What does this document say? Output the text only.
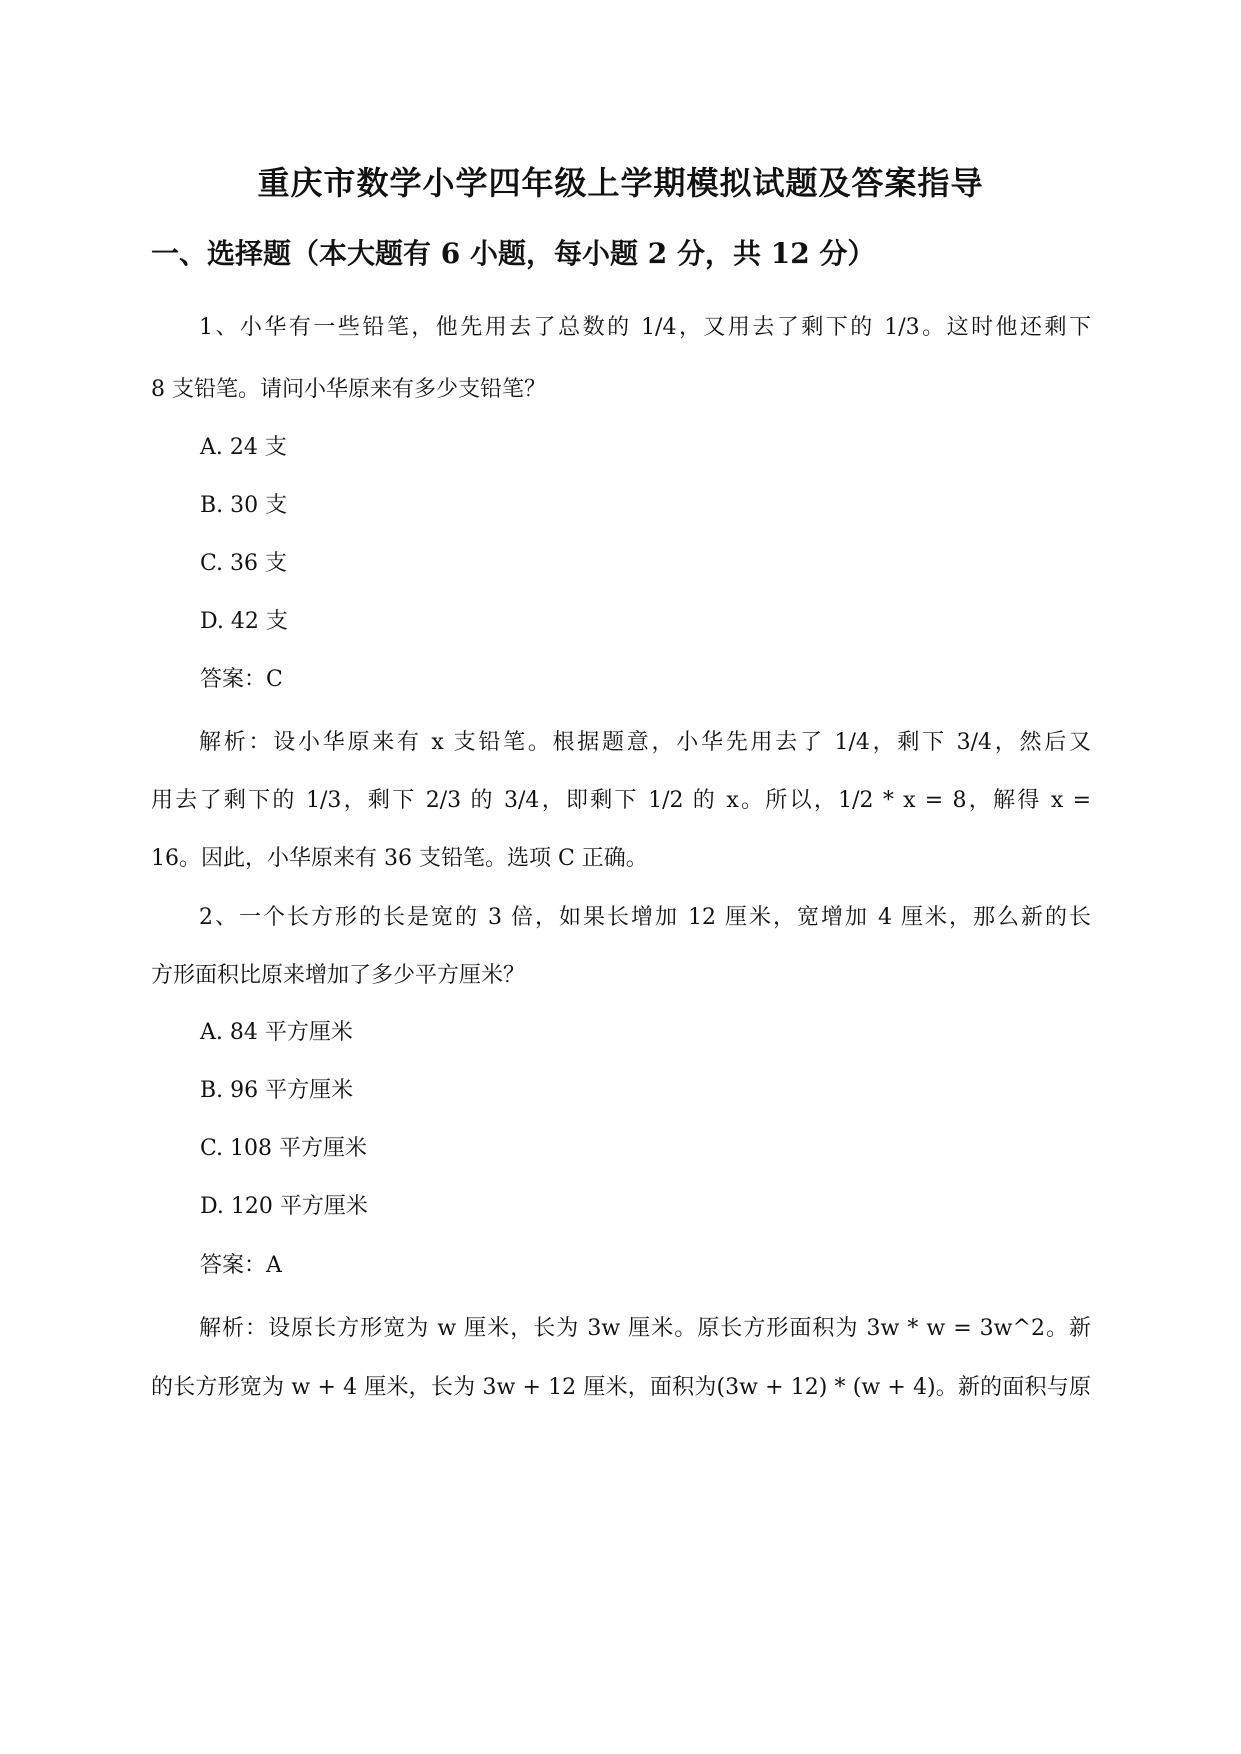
重庆市数学小学四年级上学期模拟试题及答案指导
一、选择题（本大题有 6 小题，每小题 2 分，共 12 分）
1、小华有一些铅笔，他先用去了总数的 1/4，又用去了剩下的 1/3。这时他还剩下
8 支铅笔。请问小华原来有多少支铅笔？
A. 24 支
B. 30 支
C. 36 支
D. 42 支
答案：C
解析：设小华原来有 x 支铅笔。根据题意，小华先用去了 1/4，剩下 3/4，然后又
用去了剩下的 1/3，剩下 2/3 的 3/4，即剩下 1/2 的 x。所以，1/2 * x = 8，解得 x =
16。因此，小华原来有 36 支铅笔。选项 C 正确。
2、一个长方形的长是宽的 3 倍，如果长增加 12 厘米，宽增加 4 厘米，那么新的长
方形面积比原来增加了多少平方厘米？
A. 84 平方厘米
B. 96 平方厘米
C. 108 平方厘米
D. 120 平方厘米
答案：A
解析：设原长方形宽为 w 厘米，长为 3w 厘米。原长方形面积为 3w * w = 3w^2。新
的长方形宽为 w + 4 厘米，长为 3w + 12 厘米，面积为(3w + 12) * (w + 4)。新的面积与原
